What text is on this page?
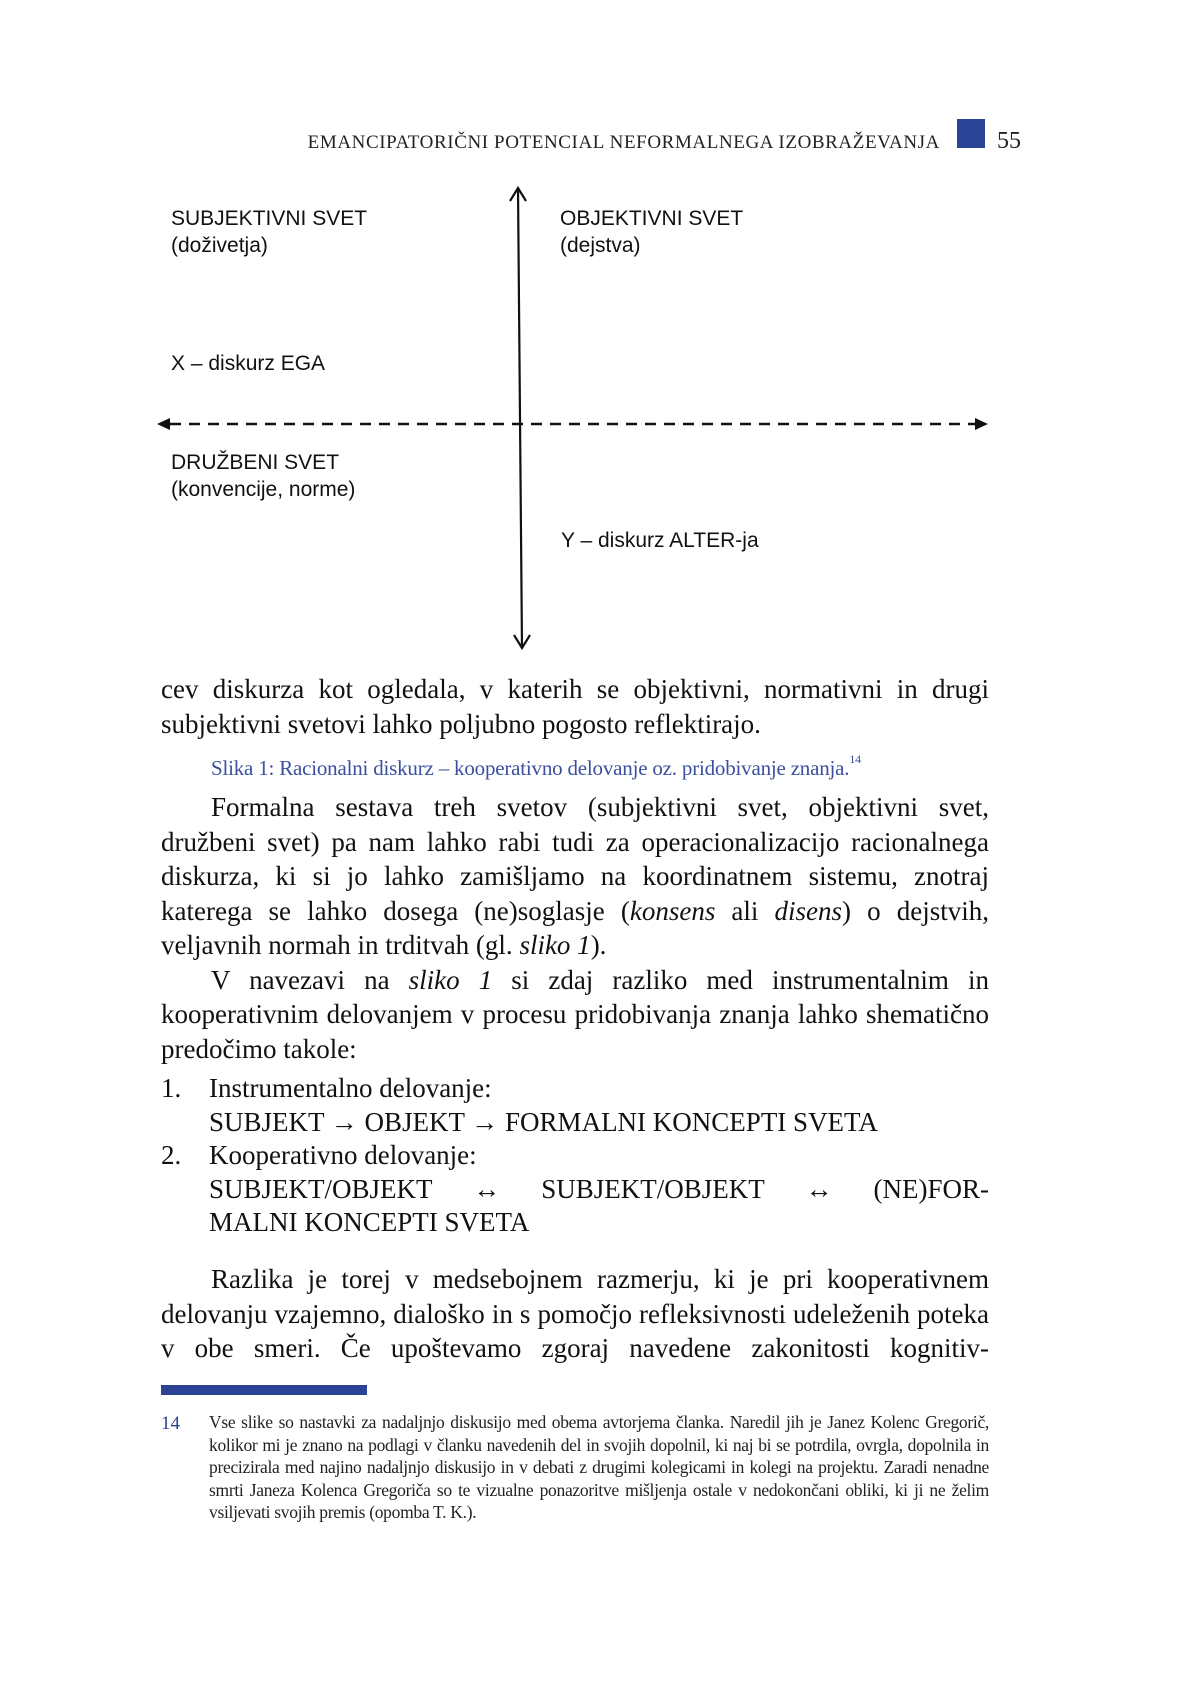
EMANCIPATORIČNI POTENCIAL NEFORMALNEGA IZOBRAŽEVANJA 55
SUBJEKTIVNI SVET
(doživetja)
OBJEKTIVNI SVET
(dejstva)
X – diskurz EGA
DRUŽBENI SVET
(konvencije, norme)
Y – diskurz ALTER-ja
cev diskurza kot ogledala, v katerih se objektivni, normativni in drugi
subjektivni svetovi lahko poljubno pogosto reflektirajo.
Slika 1: Racionalni diskurz – kooperativno delovanje oz. pridobivanje znanja.$^{14}$

Formalna sestava treh svetov (subjektivni svet, objektivni svet, družbeni svet) pa nam lahko rabi tudi za operacionalizacijo racionalnega diskurza, ki si jo lahko zamišljamo na koordinatnem sistemu, znotraj katerega se lahko dosega (ne)soglasje (konsens ali disens) o dejstvih, veljavnih normah in trditvah (gl. sliko 1).

V navezavi na sliko 1 si zdaj razliko med instrumentalnim in kooperativnim delovanjem v procesu pridobivanja znanja lahko shematično predočimo takole:

1. Instrumentalno delovanje:
SUBJEKT → OBJEKT → FORMALNI KONCEPTI SVETA
2. Kooperativno delovanje:
SUBJEKT/OBJEKT ↔ SUBJEKT/OBJEKT ↔ (NE)FOR-
MALNI KONCEPTI SVETA

Razlika je torej v medsebojnem razmerju, ki je pri kooperativnem delovanju vzajemno, dialoško in s pomočjo refleksivnosti udeleženih poteka v obe smeri. Če upoštevamo zgoraj navedene zakonitosti kognitiv-

14 Vse slike so nastavki za nadaljnjo diskusijo med obema avtorjema članka. Naredil jih je Janez Kolenc Gregorič, kolikor mi je znano na podlagi v članku navedenih del in svojih dopolnil, ki naj bi se potrdila, ovrgla, dopolnila in precizirala med najino nadaljnjo diskusijo in v debati z drugimi kolegicami in kolegi na projektu. Zaradi nenadne smrti Janeza Kolenca Gregoriča so te vizualne ponazoritve mišljenja ostale v nedokončani obliki, ki ji ne želim vsiljevati svojih premis (opomba T. K.).
